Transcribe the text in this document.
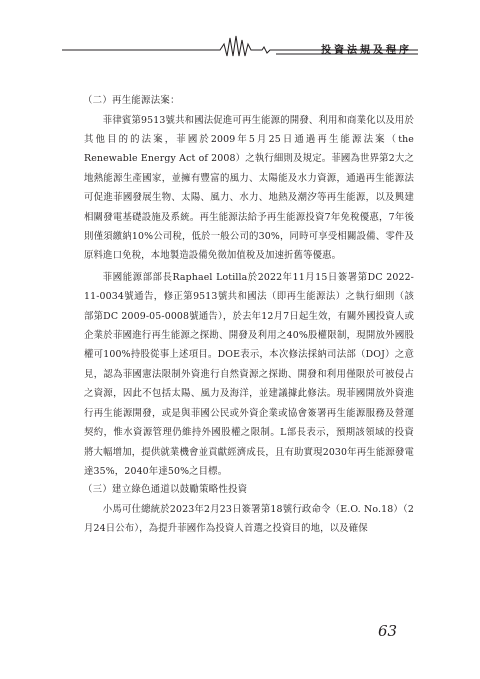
投資法規及程序

（二）再生能源法案：

菲律賓第9513號共和國法促進可再生能源的開發、利用和商業化以及用於其他目的的法案，菲國於2009年5月25日通過再生能源法案（the Renewable Energy Act of 2008）之執行細則及規定。菲國為世界第2大之地熱能源生產國家，並擁有豐富的風力、太陽能及水力資源，通過再生能源法可促進菲國發展生物、太陽、風力、水力、地熱及潮汐等再生能源，以及興建相關發電基礎設施及系統。再生能源法給予再生能源投資7年免稅優惠，7年後則僅須繳納10%公司稅，低於一般公司的30%，同時可享受相關設備、零件及原料進口免稅，本地製造設備免徵加值稅及加速折舊等優惠。

菲國能源部部長Raphael Lotilla於2022年11月15日簽署第DC 2022-11-0034號通告，修正第9513號共和國法（即再生能源法）之執行細則（該部第DC 2009-05-0008號通告），於去年12月7日起生效，有關外國投資人或企業於菲國進行再生能源之探勘、開發及利用之40%股權限制，現開放外國股權可100%持股從事上述項目。DOE表示，本次修法採納司法部（DOJ）之意見，認為菲國憲法限制外資進行自然資源之探勘、開發和利用僅限於可被侵占之資源，因此不包括太陽、風力及海洋，並建議據此修法。現菲國開放外資進行再生能源開發，或是與菲國公民或外資企業或協會簽署再生能源服務及營運契約，惟水資源管理仍維持外國股權之限制。L部長表示，預期該領域的投資將大幅增加，提供就業機會並貢獻經濟成長，且有助實現2030年再生能源發電達35%，2040年達50%之目標。

（三）建立綠色通道以鼓勵策略性投資

小馬可仕總統於2023年2月23日簽署第18號行政命令（E.O. No.18）（2月24日公布），為提升菲國作為投資人首選之投資目的地，以及確保

63
